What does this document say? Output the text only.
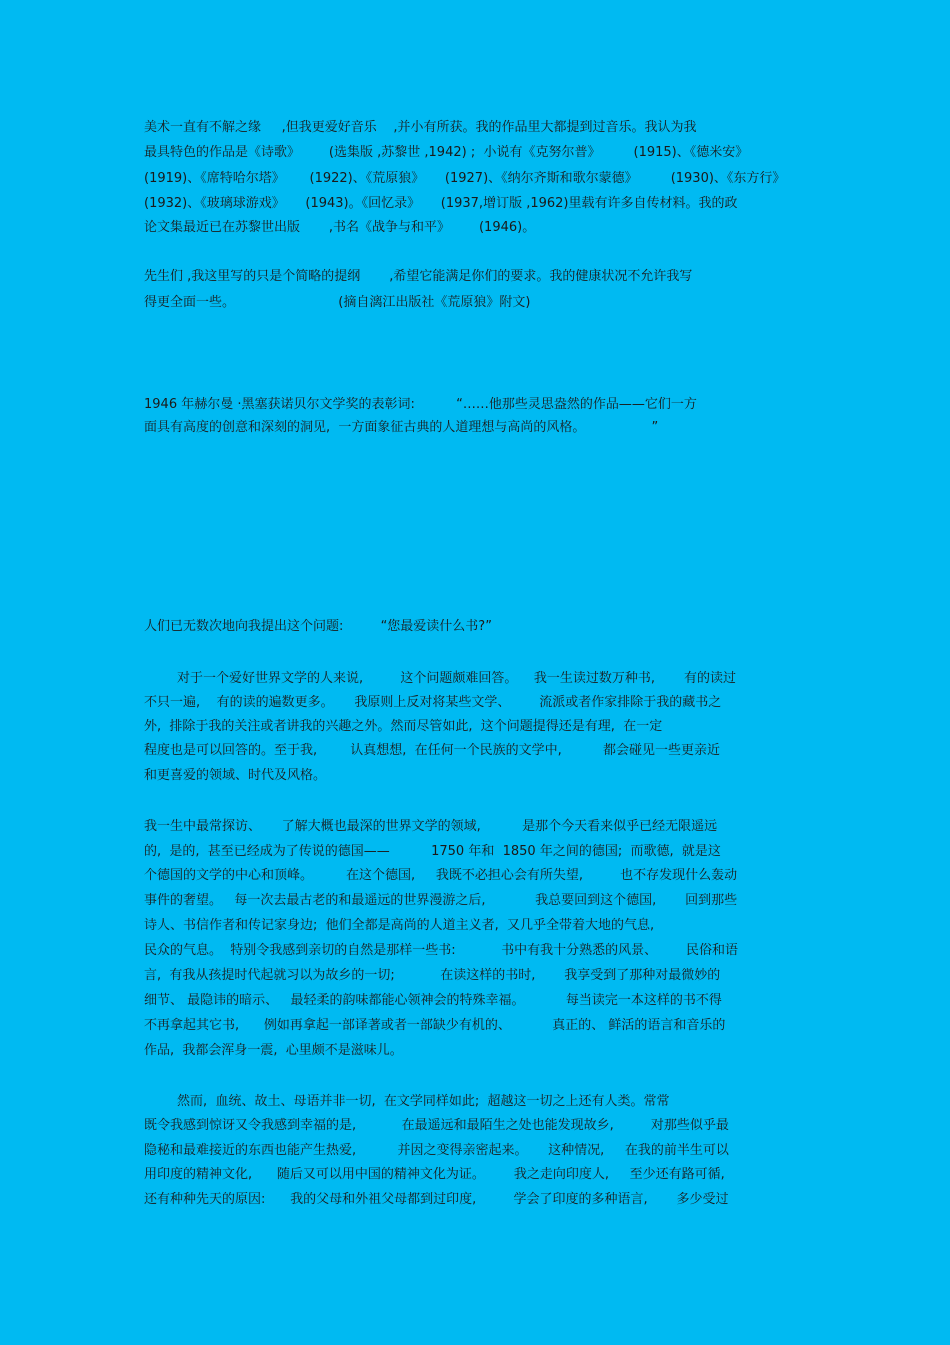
美术一直有不解之缘     ,但我更爱好音乐    ,并小有所获。我的作品里大都提到过音乐。我认为我
最具特色的作品是《诗歌》       (选集版 ,苏黎世 ,1942) ;  小说有《克努尔普》        (1915)、《德米安》
(1919)、《席特哈尔塔》      (1922)、《荒原狼》     (1927)、《纳尔齐斯和歌尔蒙德》        (1930)、《东方行》
(1932)、《玻璃球游戏》     (1943)。《回忆录》     (1937,增订版 ,1962)里载有许多自传材料。我的政
论文集最近已在苏黎世出版       ,书名《战争与和平》       (1946)。
先生们 ,我这里写的只是个简略的提纲       ,希望它能满足你们的要求。我的健康状况不允许我写
得更全面一些。                         (摘自漓江出版社《荒原狼》附文)
1946 年赫尔曼 ·黑塞获诺贝尔文学奖的表彰词:          “……他那些灵思盎然的作品——它们一方
面具有高度的创意和深刻的洞见,  一方面象征古典的人道理想与高尚的风格。                ”
人们已无数次地向我提出这个问题:         “您最爱读什么书?”
对于一个爱好世界文学的人来说,         这个问题颇难回答。    我一生读过数万种书,       有的读过
不只一遍,    有的读的遍数更多。     我原则上反对将某些文学、       流派或者作家排除于我的藏书之
外,  排除于我的关注或者讲我的兴趣之外。然而尽管如此,  这个问题提得还是有理,  在一定
程度也是可以回答的。至于我,        认真想想,  在任何一个民族的文学中,          都会碰见一些更亲近
和更喜爱的领域、时代及风格。
我一生中最常探访、     了解大概也最深的世界文学的领域,          是那个今天看来似乎已经无限遥远
的,  是的,  甚至已经成为了传说的德国——          1750 年和  1850 年之间的德国;  而歌德,  就是这
个德国的文学的中心和顶峰。        在这个德国,     我既不必担心会有所失望,         也不存发现什么轰动
事件的奢望。   每一次去最古老的和最遥远的世界漫游之后,            我总要回到这个德国,       回到那些
诗人、书信作者和传记家身边;  他们全都是高尚的人道主义者,  又几乎全带着大地的气息,
民众的气息。  特别令我感到亲切的自然是那样一些书:           书中有我十分熟悉的风景、       民俗和语
言,  有我从孩提时代起就习以为故乡的一切;           在读这样的书时,       我享受到了那种对最微妙的
细节、 最隐讳的暗示、   最轻柔的韵味都能心领神会的特殊幸福。          每当读完一本这样的书不得
不再拿起其它书,      例如再拿起一部译著或者一部缺少有机的、          真正的、 鲜活的语言和音乐的
作品,  我都会浑身一震,  心里颇不是滋味儿。
然而,  血统、故土、母语并非一切,  在文学同样如此;  超越这一切之上还有人类。常常
既令我感到惊讶又令我感到幸福的是,           在最遥远和最陌生之处也能发现故乡,         对那些似乎最
隐秘和最难接近的东西也能产生热爱,          并因之变得亲密起来。     这种情况,     在我的前半生可以
用印度的精神文化,      随后又可以用中国的精神文化为证。       我之走向印度人,     至少还有路可循,
还有种种先天的原因:      我的父母和外祖父母都到过印度,         学会了印度的多种语言,       多少受过
